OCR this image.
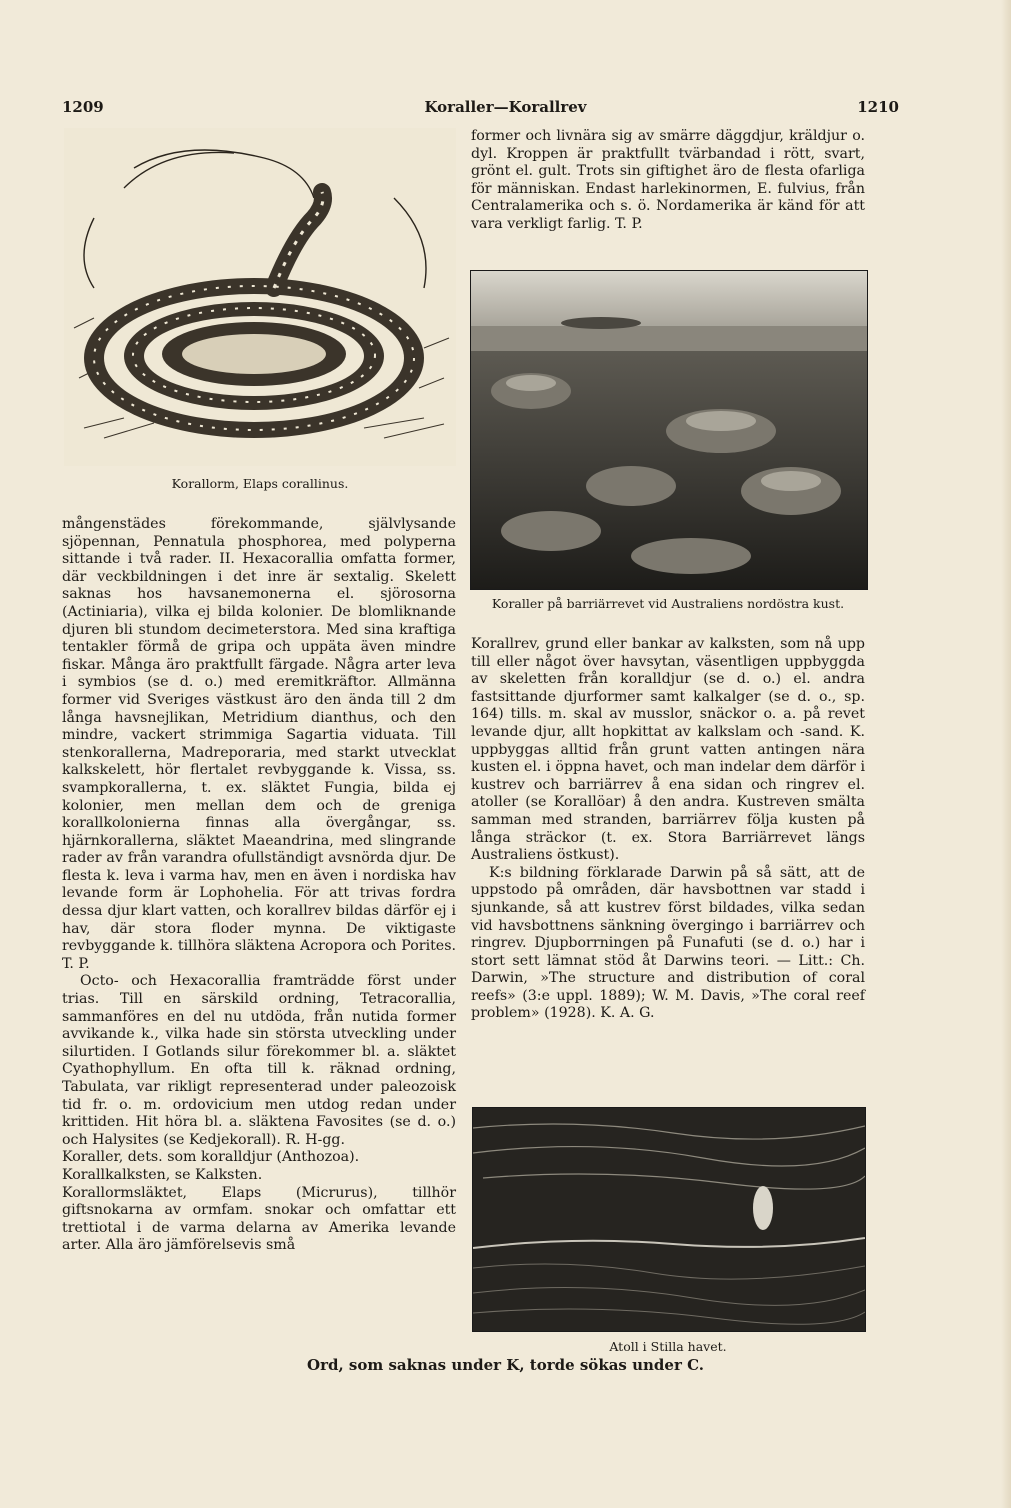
1209	Koraller—Korallrev	1210
Korallorm, Elaps corallinus.

former och livnära sig av smärre däggdjur, kräldjur o. dyl. Kroppen är praktfullt tvärbandad i rött, svart, grönt el. gult. Trots sin giftighet äro de flesta ofarliga för människan. Endast harlekinormen, E. fulvius, från Centralamerika och s. ö. Nordamerika är känd för att vara verkligt farlig. T. P.

Koraller på barriärrevet vid Australiens nordöstra kust.

mångenstädes förekommande, självlysande sjöpennan, Pennatula phosphorea, med polyperna sittande i två rader. II. Hexacorallia omfatta former, där veckbildningen i det inre är sextalig. Skelett saknas hos havsanemonerna el. sjörosorna (Actiniaria), vilka ej bilda kolonier. De blomliknande djuren bli stundom decimeterstora. Med sina kraftiga tentakler förmå de gripa och uppäta även mindre fiskar. Många äro praktfullt färgade. Några arter leva i symbios (se d. o.) med eremitkräftor. Allmänna former vid Sveriges västkust äro den ända till 2 dm långa havsnejlikan, Metridium dianthus, och den mindre, vackert strimmiga Sagartia viduata. Till stenkorallerna, Madreporaria, med starkt utvecklat kalkskelett, hör flertalet revbyggande k. Vissa, ss. svampkorallerna, t. ex. släktet Fungia, bilda ej kolonier, men mellan dem och de greniga korallkolonierna finnas alla övergångar, ss. hjärnkorallerna, släktet Maeandrina, med slingrande rader av från varandra ofullständigt avsnörda djur. De flesta k. leva i varma hav, men en även i nordiska hav levande form är Lophohelia. För att trivas fordra dessa djur klart vatten, och korallrev bildas därför ej i hav, där stora floder mynna. De viktigaste revbyggande k. tillhöra släktena Acropora och Porites. T. P.

Octo- och Hexacorallia framträdde först under trias. Till en särskild ordning, Tetracorallia, sammanföres en del nu utdöda, från nutida former avvikande k., vilka hade sin största utveckling under silurtiden. I Gotlands silur förekommer bl. a. släktet Cyathophyllum. En ofta till k. räknad ordning, Tabulata, var rikligt representerad under paleozoisk tid fr. o. m. ordovicium men utdog redan under krittiden. Hit höra bl. a. släktena Favosites (se d. o.) och Halysites (se Kedjekorall). R. H-gg.

Koraller, dets. som koralldjur (Anthozoa).

Korallkalksten, se Kalksten.

Korallormsläktet, Elaps (Micrurus), tillhör giftsnokarna av ormfam. snokar och omfattar ett trettiotal i de varma delarna av Amerika levande arter. Alla äro jämförelsevis små

Korallrev, grund eller bankar av kalksten, som nå upp till eller något över havsytan, väsentligen uppbyggda av skeletten från koralldjur (se d. o.) el. andra fastsittande djurformer samt kalkalger (se d. o., sp. 164) tills. m. skal av musslor, snäckor o. a. på revet levande djur, allt hopkittat av kalkslam och -sand. K. uppbyggas alltid från grunt vatten antingen nära kusten el. i öppna havet, och man indelar dem därför i kustrev och barriärrev å ena sidan och ringrev el. atoller (se Korallöar) å den andra. Kustreven smälta samman med stranden, barriärrev följa kusten på långa sträckor (t. ex. Stora Barriärrevet längs Australiens östkust).

K:s bildning förklarade Darwin på så sätt, att de uppstodo på områden, där havsbottnen var stadd i sjunkande, så att kustrev först bildades, vilka sedan vid havsbottnens sänkning övergingo i barriärrev och ringrev. Djupborrningen på Funafuti (se d. o.) har i stort sett lämnat stöd åt Darwins teori. — Litt.: Ch. Darwin, »The structure and distribution of coral reefs» (3:e uppl. 1889); W. M. Davis, »The coral reef problem» (1928). K. A. G.

Atoll i Stilla havet.
Ord, som saknas under K, torde sökas under C.
